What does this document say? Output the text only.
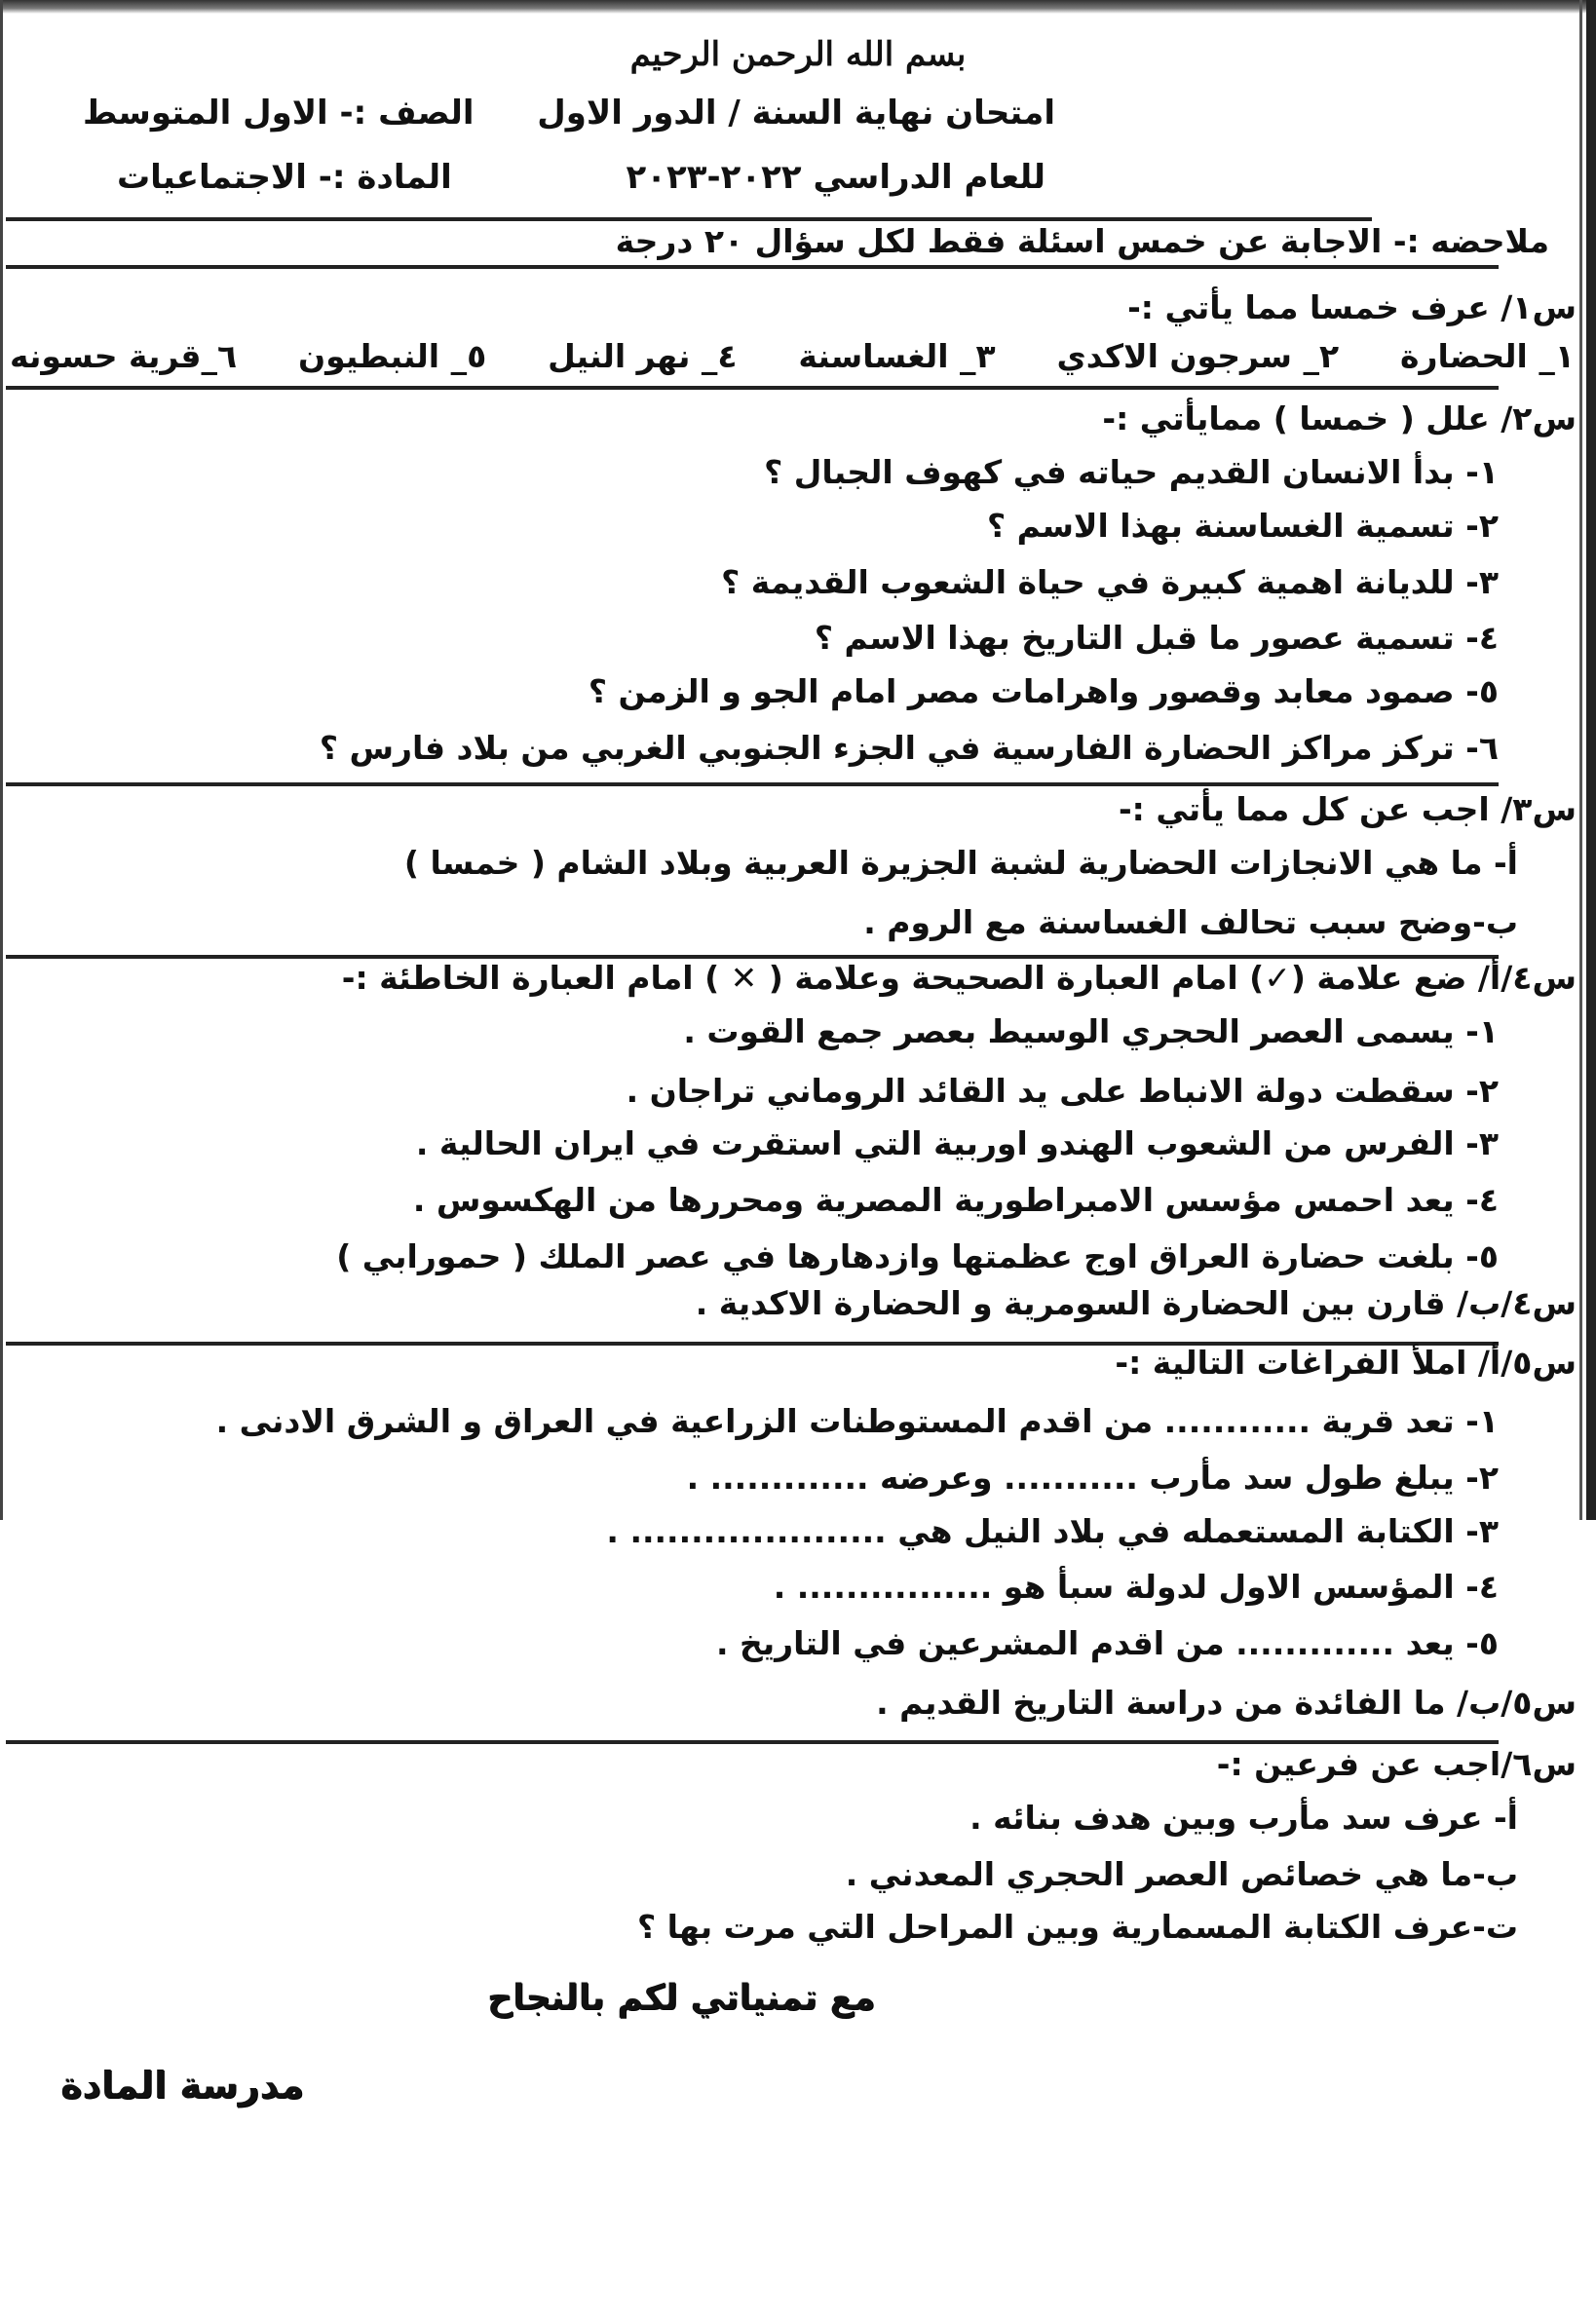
بسم الله الرحمن الرحيم
امتحان نهاية السنة / الدور الاول
للعام الدراسي ٢٠٢٢-٢٠٢٣
الصف :- الاول المتوسط
المادة :- الاجتماعيات
ملاحضه :- الاجابة عن خمس اسئلة فقط لكل سؤال ٢٠ درجة
س١/ عرف خمسا مما يأتي :-
١_ الحضارة
٢_ سرجون الاكدي
٣_ الغساسنة
٤_ نهر النيل
٥_ النبطيون
٦_قرية حسونه
س٢/ علل ( خمسا ) ممايأتي :-
١- بدأ الانسان القديم حياته في كهوف الجبال ؟
٢- تسمية الغساسنة بهذا الاسم ؟
٣- للديانة اهمية كبيرة في حياة الشعوب القديمة ؟
٤- تسمية عصور ما قبل التاريخ بهذا الاسم ؟
٥- صمود معابد وقصور واهرامات مصر امام الجو و الزمن ؟
٦- تركز مراكز الحضارة الفارسية في الجزء الجنوبي الغربي من بلاد فارس ؟
س٣/ اجب عن كل مما يأتي :-
أ- ما هي الانجازات الحضارية لشبة الجزيرة العربية وبلاد الشام ( خمسا )
ب-وضح سبب تحالف الغساسنة مع الروم .
س٤/أ/ ضع علامة (✓) امام العبارة الصحيحة وعلامة ( ✕ ) امام العبارة الخاطئة :-
١- يسمى العصر الحجري الوسيط بعصر جمع القوت .
٢- سقطت دولة الانباط على يد القائد الروماني تراجان .
٣- الفرس من الشعوب الهندو اوربية التي استقرت في ايران الحالية .
٤- يعد احمس مؤسس الامبراطورية المصرية ومحررها من الهكسوس .
٥- بلغت حضارة العراق اوج عظمتها وازدهارها في عصر الملك ( حمورابي )
س٤/ب/ قارن بين الحضارة السومرية و الحضارة الاكدية .
س٥/أ/ املأ الفراغات التالية :-
١- تعد قرية ............ من اقدم المستوطنات الزراعية في العراق و الشرق الادنى .
٢- يبلغ طول سد مأرب ........... وعرضه ............. .
٣- الكتابة المستعمله في بلاد النيل هي ..................... .
٤- المؤسس الاول لدولة سبأ هو ................ .
٥- يعد ............. من اقدم المشرعين في التاريخ .
س٥/ب/ ما الفائدة من دراسة التاريخ القديم .
س٦/اجب عن فرعين :-
أ- عرف سد مأرب وبين هدف بنائه .
ب-ما هي خصائص العصر الحجري المعدني .
ت-عرف الكتابة المسمارية وبين المراحل التي مرت بها ؟
مع تمنياتي لكم بالنجاح
مدرسة المادة
